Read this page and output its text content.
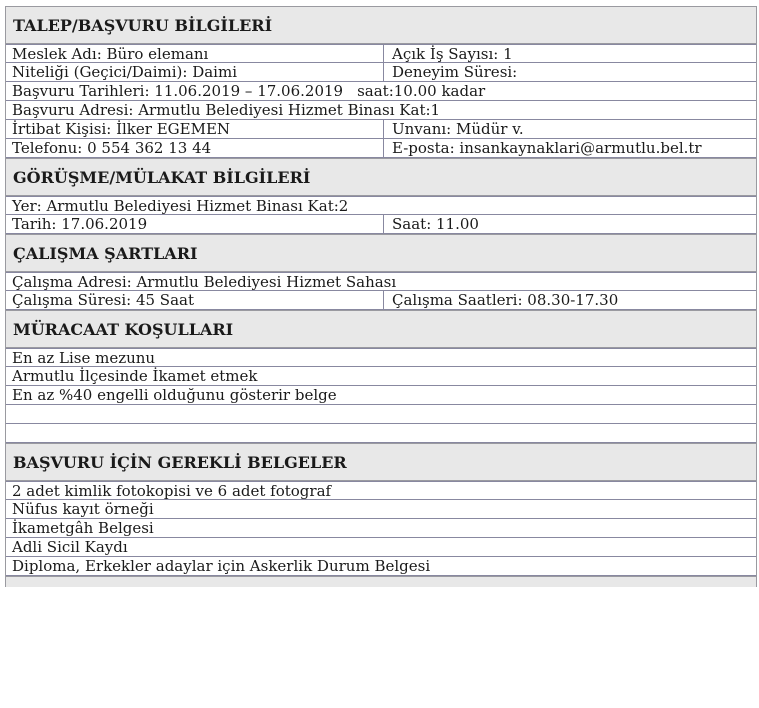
TALEP/BAŞVURU BİLGİLERİ
Meslek Adı: Büro elemanı	Açık İş Sayısı: 1
Niteliği (Geçici/Daimi): Daimi	Deneyim Süresi:
Başvuru Tarihleri: 11.06.2019 – 17.06.2019 saat:10.00 kadar
Başvuru Adresi: Armutlu Belediyesi Hizmet Binası Kat:1
İrtibat Kişisi: İlker EGEMEN	Unvanı: Müdür v.
Telefonu: 0 554 362 13 44	E-posta: insankaynaklari@armutlu.bel.tr
GÖRÜŞME/MÜLAKAT BİLGİLERİ
Yer: Armutlu Belediyesi Hizmet Binası Kat:2
Tarih: 17.06.2019	Saat: 11.00
ÇALIŞMA ŞARTLARI
Çalışma Adresi: Armutlu Belediyesi Hizmet Sahası
Çalışma Süresi: 45 Saat	Çalışma Saatleri: 08.30-17.30
MÜRACAAT KOŞULLARI
En az Lise mezunu
Armutlu İlçesinde İkamet etmek
En az %40 engelli olduğunu gösterir belge
BAŞVURU İÇİN GEREKLİ BELGELER
2 adet kimlik fotokopisi ve 6 adet fotograf
Nüfus kayıt örneği
İkametgâh Belgesi
Adli Sicil Kaydı
Diploma, Erkekler adaylar için Askerlik Durum Belgesi
